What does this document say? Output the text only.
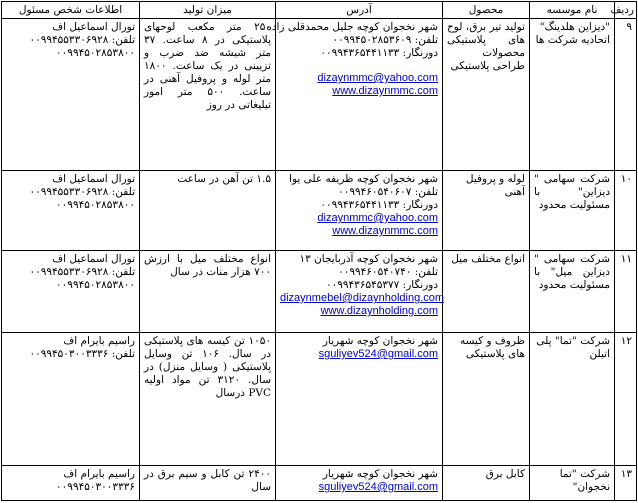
ردیف	نام موسسه	محصول	آدرس	میزان تولید	اطلاعات شخص مسئول
۹	"دیزاین هلدینگ" اتحادیه شرکت ها	تولید تیر برق، لوح های پلاستیکی محصولات طراحی پلاستیکی	شهر نخجوان کوچه جلیل محمدقلی زاده
تلفن: ۰۰۹۹۴۵۰۲۸۵۳۶۰۹
دورنگار: ۰۰۹۹۴۳۶۵۴۴۱۱۳۳
dizaynmmc@yahoo.com
www.dizaynmmc.com	۲۵۰ متر مکعب لوحهای پلاستیکی در ۸ ساعت. ۳۷ متر شیشه ضد ضرب و تزیینی در یک ساعت. ۱۸۰۰ متر لوله و پروفیل آهنی در ساعت. ۵۰۰ متر امور تیلیغاتی در روز	تورال اسماعیل اف
تلفن: ۰۰۹۹۴۵۵۳۳۰۶۹۲۸
۰۰۹۹۴۵۰۲۸۵۳۸۰۰

۱۰	شرکت سهامی " دیزاین" با مسئولیت محدود	لوله و پروفیل آهنی	شهر نخجوان کوچه ظریفه علی یوا
تلفن: ۰۰۹۹۴۶۰۵۴۰۶۰۷
دورنگار: ۰۰۹۹۴۳۶۵۴۴۱۱۳۳
dizaynmmc@yahoo.com
www.dizaynmmc.com	۱.۵ تن آهن در ساعت	تورال اسماعیل اف
تلفن: ۰۰۹۹۴۵۵۳۳۰۶۹۲۸
۰۰۹۹۴۵۰۲۸۵۳۸۰۰

۱۱	شرکت سهامی " دیزاین میل" با مسئولیت محدود	انواع مختلف میل	شهر نخجوان کوچه آذربایجان ۱۳
تلفن: ۰۰۹۹۴۶۰۵۴۰۷۴۰
دورنگار: ۰۰۹۹۴۳۶۵۴۵۳۷۷
dizaynmebel@dizaynholding.com
www.dizaynholding.com	انواع مختلف میل با ارزش ۷۰۰ هزار منات در سال	تورال اسماعیل اف
تلفن: ۰۰۹۹۴۵۵۳۳۰۶۹۲۸
۰۰۹۹۴۵۰۲۸۵۳۸۰۰

۱۲	شرکت "تما" پلی اتیلن	ظروف و کیسه های پلاستیکی	شهر نخجوان کوچه شهریار
sguliyev524@gmail.com	۱۰۵۰ تن کیسه های پلاستیکی در سال. ۱۰۶ تن وسایل پلاستیکی ( وسایل منزل) در سال. ۳۱۲۰ تن مواد اولیه PVC درسال	راسیم بایرام اف
تلفن: ۰۰۹۹۴۵۰۳۰۰۳۳۳۶

۱۳	شرکت "تما نخجوان"	کابل برق	شهر نخجوان کوچه شهریار
sguliyev524@gmail.com	۲۴۰۰ تن کابل و سیم برق در سال	راسیم بایرام اف
۰۰۹۹۴۵۰۳۰۰۳۳۳۶
